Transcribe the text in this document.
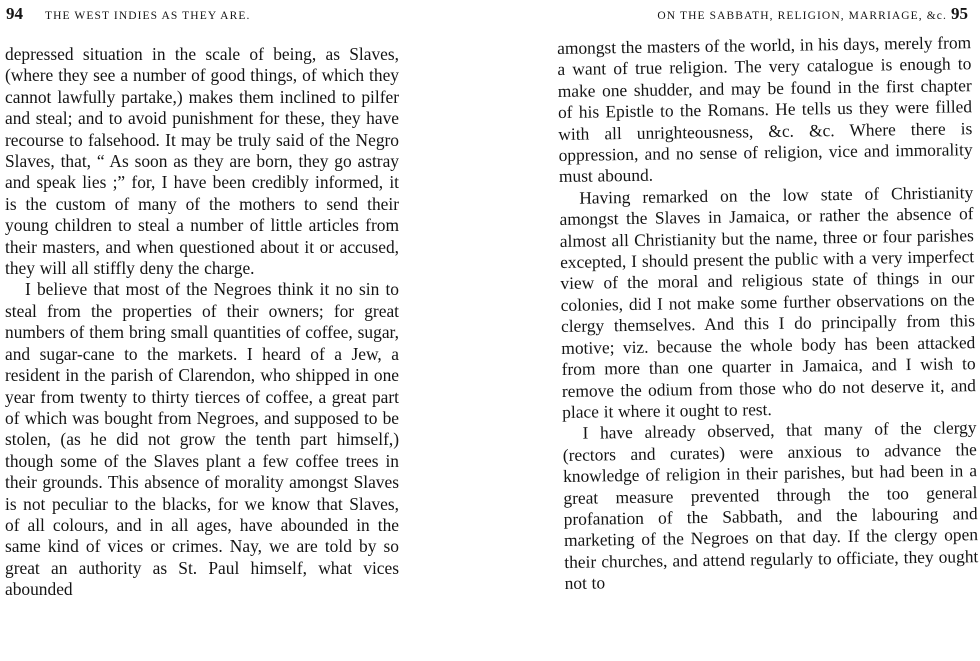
94 THE WEST INDIES AS THEY ARE.

depressed situation in the scale of being, as Slaves,(where they see a number of good things, of which they cannot lawfully partake,) makes them inclined to pilfer and steal; and to avoid punishment for these, they have recourse to falsehood. It may be truly said of the Negro Slaves, that, “ As soon as they are born, they go astray and speak lies ;” for, I have been credibly informed, it is the custom of many of the mothers to send their young children to steal a number of little articles from their masters, and when questioned about it or accused, they will all stiffly deny the charge.

I believe that most of the Negroes think it no sin to steal from the properties of their owners; for great numbers of them bring small quantities of coffee, sugar, and sugar-cane to the markets. I heard of a Jew, a resident in the parish of Clarendon, who shipped in one year from twenty to thirty tierces of coffee, a great part of which was bought from Negroes, and supposed to be stolen, (as he did not grow the tenth part himself,) though some of the Slaves plant a few coffee trees in their grounds. This absence of morality amongst Slaves is not peculiar to the blacks, for we know that Slaves, of all colours, and in all ages, have abounded in the same kind of vices or crimes. Nay, we are told by so great an authority as St. Paul himself, what vices abounded

ON THE SABBATH, RELIGION, MARRIAGE, &c. 95

amongst the masters of the world, in his days, merely from a want of true religion. The very catalogue is enough to make one shudder, and may be found in the first chapter of his Epistle to the Romans. He tells us they were filled with all unrighteousness, &c. &c. Where there is oppression, and no sense of religion, vice and immorality must abound.

Having remarked on the low state of Christianity amongst the Slaves in Jamaica, or rather the absence of almost all Christianity but the name, three or four parishes excepted, I should present the public with a very imperfect view of the moral and religious state of things in our colonies, did I not make some further observations on the clergy themselves. And this I do principally from this motive; viz. because the whole body has been attacked from more than one quarter in Jamaica, and I wish to remove the odium from those who do not deserve it, and place it where it ought to rest.

I have already observed, that many of the clergy (rectors and curates) were anxious to advance the knowledge of religion in their parishes, but had been in a great measure prevented through the too general profanation of the Sabbath, and the labouring and marketing of the Negroes on that day. If the clergy open their churches, and attend regularly to officiate, they ought not to
